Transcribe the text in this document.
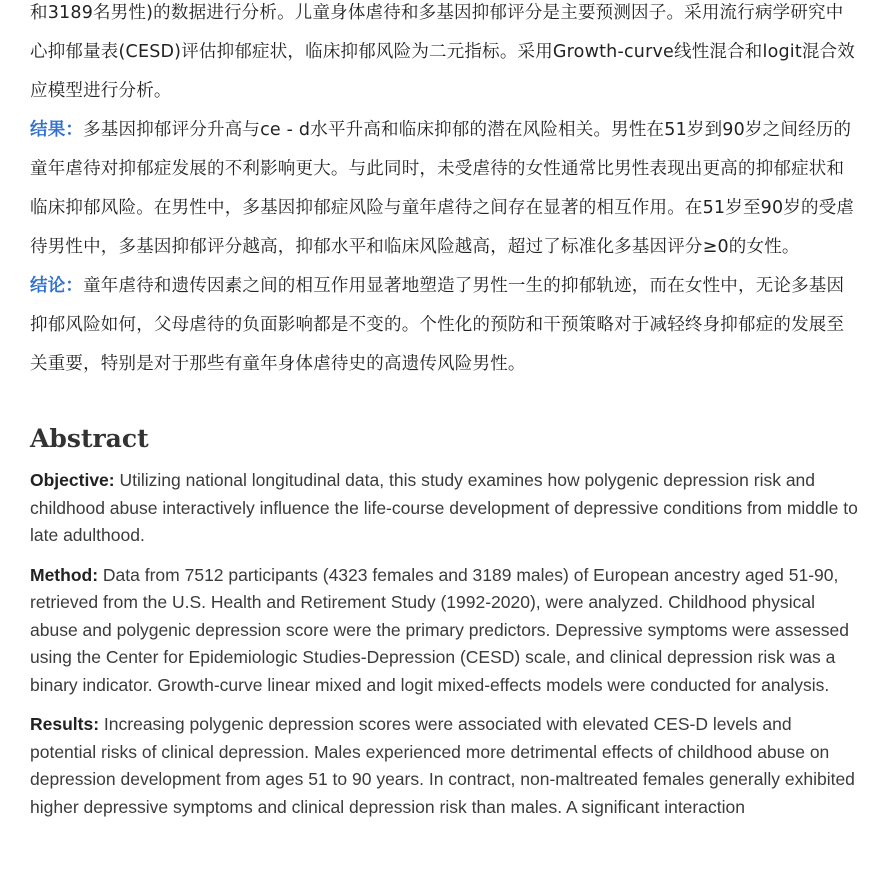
和3189名男性)的数据进行分析。儿童身体虐待和多基因抑郁评分是主要预测因子。采用流行病学研究中心抑郁量表(CESD)评估抑郁症状，临床抑郁风险为二元指标。采用Growth-curve线性混合和logit混合效应模型进行分析。

结果：多基因抑郁评分升高与ce - d水平升高和临床抑郁的潜在风险相关。男性在51岁到90岁之间经历的童年虐待对抑郁症发展的不利影响更大。与此同时，未受虐待的女性通常比男性表现出更高的抑郁症状和临床抑郁风险。在男性中，多基因抑郁症风险与童年虐待之间存在显著的相互作用。在51岁至90岁的受虐待男性中，多基因抑郁评分越高，抑郁水平和临床风险越高，超过了标准化多基因评分≥0的女性。

结论：童年虐待和遗传因素之间的相互作用显著地塑造了男性一生的抑郁轨迹，而在女性中，无论多基因抑郁风险如何，父母虐待的负面影响都是不变的。个性化的预防和干预策略对于减轻终身抑郁症的发展至关重要，特别是对于那些有童年身体虐待史的高遗传风险男性。

Abstract

Objective: Utilizing national longitudinal data, this study examines how polygenic depression risk and childhood abuse interactively influence the life-course development of depressive conditions from middle to late adulthood.

Method: Data from 7512 participants (4323 females and 3189 males) of European ancestry aged 51-90, retrieved from the U.S. Health and Retirement Study (1992-2020), were analyzed. Childhood physical abuse and polygenic depression score were the primary predictors. Depressive symptoms were assessed using the Center for Epidemiologic Studies-Depression (CESD) scale, and clinical depression risk was a binary indicator. Growth-curve linear mixed and logit mixed-effects models were conducted for analysis.

Results: Increasing polygenic depression scores were associated with elevated CES-D levels and potential risks of clinical depression. Males experienced more detrimental effects of childhood abuse on depression development from ages 51 to 90 years. In contract, non-maltreated females generally exhibited higher depressive symptoms and clinical depression risk than males. A significant interaction
